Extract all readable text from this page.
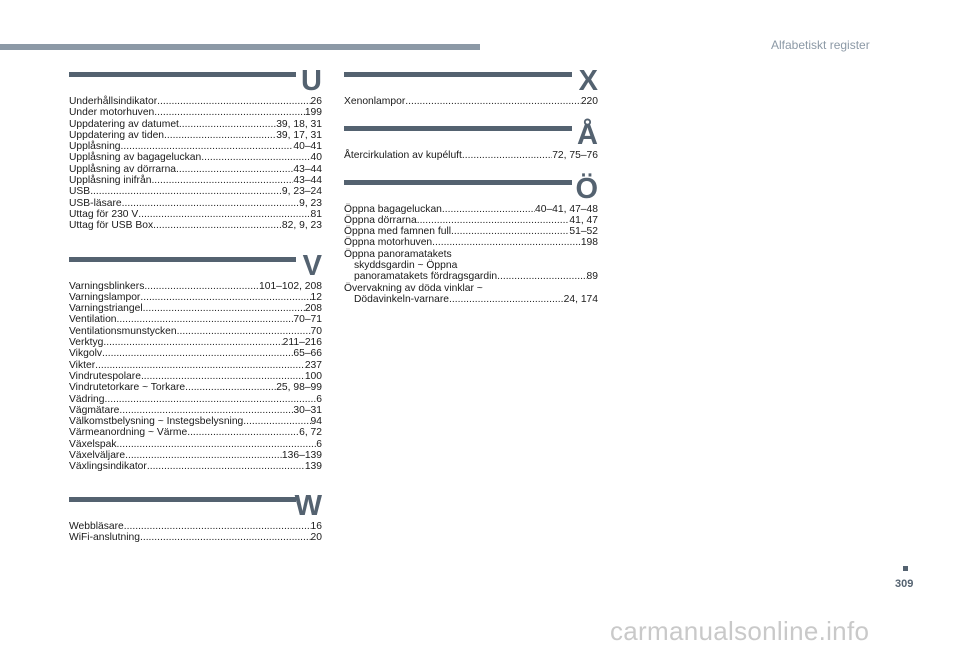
Alfabetiskt register
U
Underhållsindikator .....	26
Under motorhuven .....	199
Uppdatering av datumet .....	39, 18, 31
Uppdatering av tiden .....	39, 17, 31
Upplåsning .....	40–41
Upplåsning av bagageluckan .....	40
Upplåsning av dörrarna .....	43–44
Upplåsning inifrån .....	43–44
USB .....	9, 23–24
USB-läsare .....	9, 23
Uttag för 230 V .....	81
Uttag för USB Box .....	82, 9, 23
V
Varningsblinkers .....	101–102, 208
Varningslampor .....	12
Varningstriangel .....	208
Ventilation .....	70–71
Ventilationsmunstycken .....	70
Verktyg .....	211–216
Vikgolv .....	65–66
Vikter .....	237
Vindrutespolare .....	100
Vindrutetorkare ~ Torkare .....	25, 98–99
Vädring .....	6
Vägmätare .....	30–31
Välkomstbelysning ~ Instegsbelysning .....	94
Värmeanordning ~ Värme .....	6, 72
Växelspak .....	6
Växelväljare .....	136–139
Växlingsindikator .....	139
W
Webbläsare .....	16
WiFi-anslutning .....	20
X
Xenonlampor .....	220
Å
Återcirkulation av kupéluft .....	72, 75–76
Ö
Öppna bagageluckan .....	40–41, 47–48
Öppna dörrarna .....	41, 47
Öppna med famnen full .....	51–52
Öppna motorhuven .....	198
Öppna panoramatakets
skyddsgardin ~ Öppna
panoramatakets fördragsgardin .....	89
Övervakning av döda vinklar ~
Dödavinkeln-varnare .....	24, 174
309
carmanualsonline.info
